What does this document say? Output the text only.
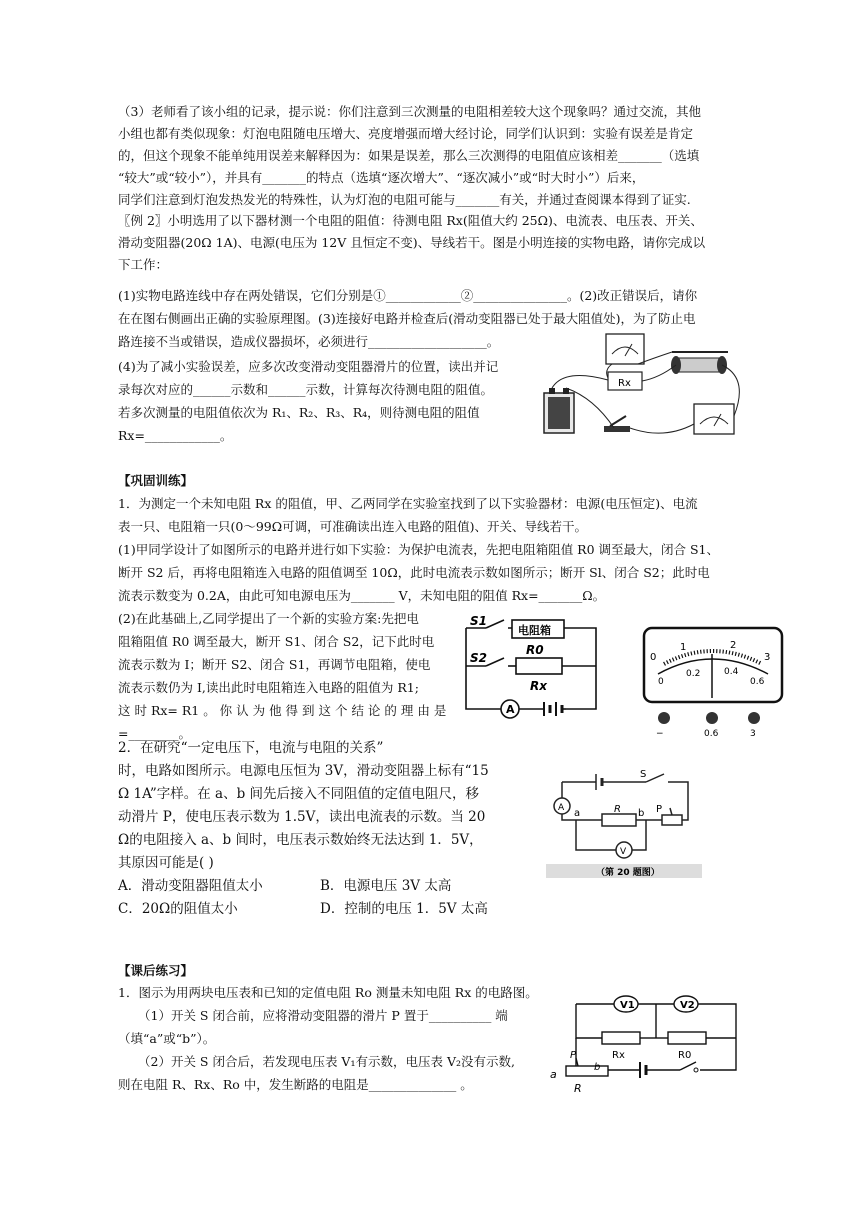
（3）老师看了该小组的记录，提示说：你们注意到三次测量的电阻相差较大这个现象吗？通过交流，其他
小组也都有类似现象：灯泡电阻随电压增大、亮度增强而增大经讨论，同学们认识到：实验有误差是肯定
的，但这个现象不能单纯用误差来解释因为：如果是误差，那么三次测得的电阻值应该相差_______（选填
“较大”或“较小”），并具有_______的特点（选填“逐次增大”、“逐次减小”或“时大时小”）后来，
同学们注意到灯泡发热发光的特殊性，认为灯泡的电阻可能与_______有关，并通过查阅课本得到了证实.
〖例 2〗小明选用了以下器材测一个电阻的阻值：待测电阻 Rx(阻值大约 25Ω)、电流表、电压表、开关、
滑动变阻器(20Ω 1A)、电源(电压为 12V 且恒定不变)、导线若干。图是小明连接的实物电路，请你完成以
下工作：
(1)实物电路连线中存在两处错误，它们分别是①____________②_______________。(2)改正错误后，请你
在在图右侧画出正确的实验原理图。(3)连接好电路并检查后(滑动变阻器已处于最大阻值处)，为了防止电
路连接不当或错误，造成仪器损坏，必须进行___________________。
(4)为了减小实验误差，应多次改变滑动变阻器滑片的位置，读出并记
录每次对应的______示数和______示数，计算每次待测电阻的阻值。
若多次测量的电阻值依次为 R₁、R₂、R₃、R₄，则待测电阻的阻值
Rx=____________。
Rx
【巩固训练】
1．为测定一个未知电阻 Rx 的阻值，甲、乙两同学在实验室找到了以下实验器材：电源(电压恒定)、电流
表一只、电阻箱一只(0～99Ω可调，可准确读出连入电路的阻值)、开关、导线若干。
(1)甲同学设计了如图所示的电路并进行如下实验：为保护电流表，先把电阻箱阻值 R0 调至最大，闭合 S1、
断开 S2 后，再将电阻箱连入电路的阻值调至 10Ω，此时电流表示数如图所示；断开 Sl、闭合 S2；此时电
流表示数变为 0.2A，由此可知电源电压为_______ V，未知电阻的阻值 Rx=_______Ω。
(2)在此基础上,乙同学提出了一个新的实验方案:先把电
阻箱阻值 R0 调至最大，断开 S1、闭合 S2，记下此时电
流表示数为 I；断开 S2、闭合 S1，再调节电阻箱，使电
流表示数仍为 I,读出此时电阻箱连入电路的阻值为 R1;
这 时 Rx= R1 。 你 认 为 他 得 到 这 个 结 论 的 理 由 是
=________。
S1
S2
电阻箱
R0
Rx
A
0
1	2
3
0
0.2	0.4
0.6
−	0.6	3
2．在研究“一定电压下，电流与电阻的关系”
时，电路如图所示。电源电压恒为 3V，滑动变阻器上标有“15
Ω 1A”字样。在 a、b 间先后接入不同阻值的定值电阻尺，移
动滑片 P，使电压表示数为 1.5V，读出电流表的示数。当 20
Ω的电阻接入 a、b 间时，电压表示数始终无法达到 1．5V，
其原因可能是( )
A．滑动变阻器阻值太小	B．电源电压 3V 太高
C．20Ω的阻值太小	D．控制的电压 1．5V 太高
S
A a	b
R	P
V
（第 20 题图）
【课后练习】
1．图示为用两块电压表和已知的定值电阻 Ro 测量未知电阻 Rx 的电路图。
（1）开关 S 闭合前，应将滑动变阻器的滑片 P 置于__________ 端
（填“a”或“b”）。
（2）开关 S 闭合后，若发现电压表 V₁有示数，电压表 V₂没有示数,
则在电阻 R、Rx、Ro 中，发生断路的电阻是______________ 。
V1	V2
Rx	R0
a
b
P
R
